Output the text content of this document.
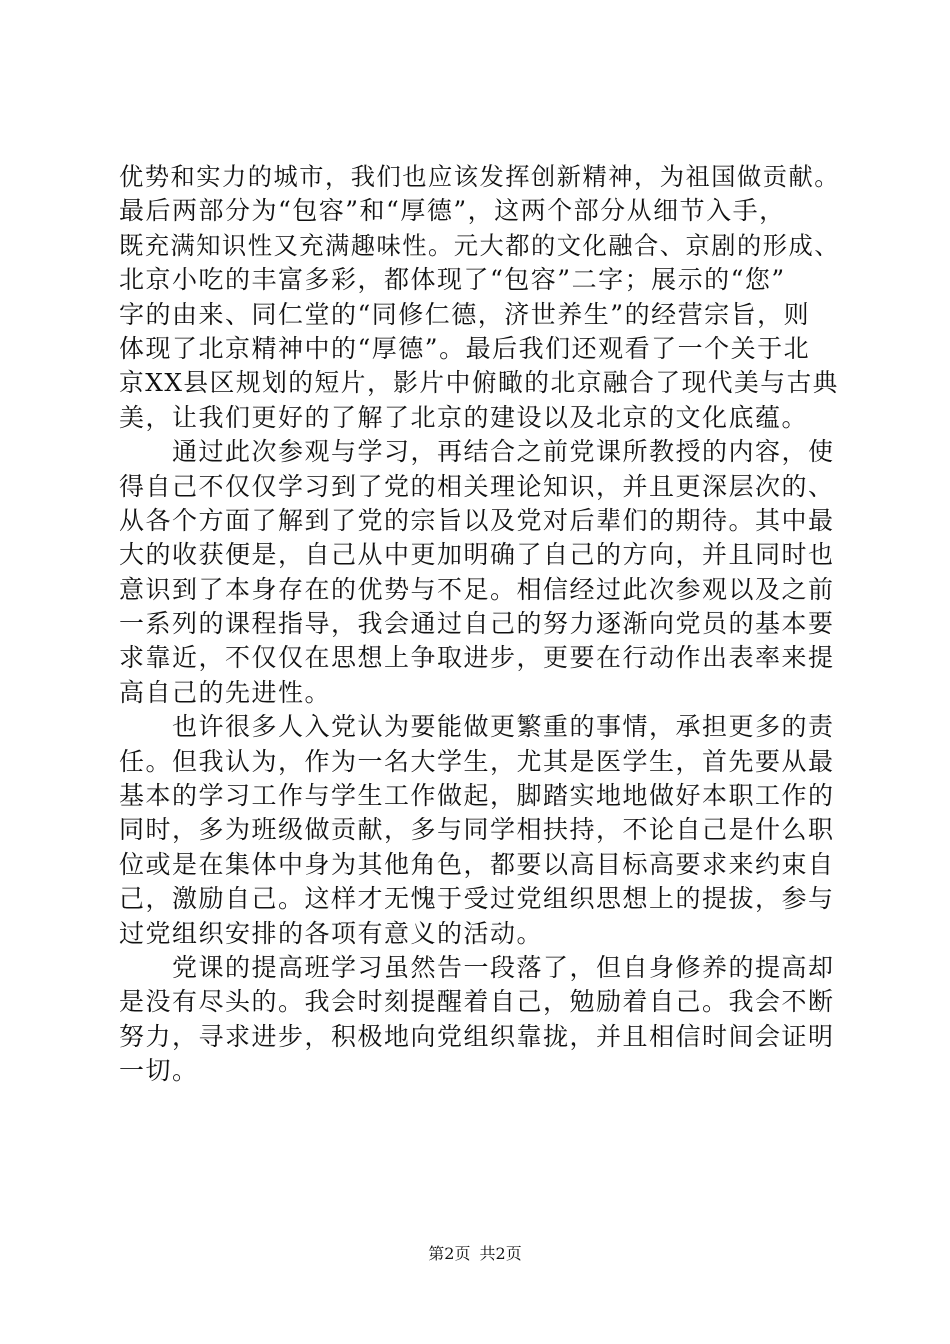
优势和实力的城市，我们也应该发挥创新精神，为祖国做贡献。
最后两部分为“包容”和“厚德”，这两个部分从细节入手，
既充满知识性又充满趣味性。元大都的文化融合、京剧的形成、
北京小吃的丰富多彩，都体现了“包容”二字；展示的“您”
字的由来、同仁堂的“同修仁德，济世养生”的经营宗旨，则
体现了北京精神中的“厚德”。最后我们还观看了一个关于北
京XX县区规划的短片，影片中俯瞰的北京融合了现代美与古典
美，让我们更好的了解了北京的建设以及北京的文化底蕴。
　　通过此次参观与学习，再结合之前党课所教授的内容，使
得自己不仅仅学习到了党的相关理论知识，并且更深层次的、
从各个方面了解到了党的宗旨以及党对后辈们的期待。其中最
大的收获便是，自己从中更加明确了自己的方向，并且同时也
意识到了本身存在的优势与不足。相信经过此次参观以及之前
一系列的课程指导，我会通过自己的努力逐渐向党员的基本要
求靠近，不仅仅在思想上争取进步，更要在行动作出表率来提
高自己的先进性。
　　也许很多人入党认为要能做更繁重的事情，承担更多的责
任。但我认为，作为一名大学生，尤其是医学生，首先要从最
基本的学习工作与学生工作做起，脚踏实地地做好本职工作的
同时，多为班级做贡献，多与同学相扶持，不论自己是什么职
位或是在集体中身为其他角色，都要以高目标高要求来约束自
己，激励自己。这样才无愧于受过党组织思想上的提拔，参与
过党组织安排的各项有意义的活动。
　　党课的提高班学习虽然告一段落了，但自身修养的提高却
是没有尽头的。我会时刻提醒着自己，勉励着自己。我会不断
努力，寻求进步，积极地向党组织靠拢，并且相信时间会证明
一切。
第2页 共2页
